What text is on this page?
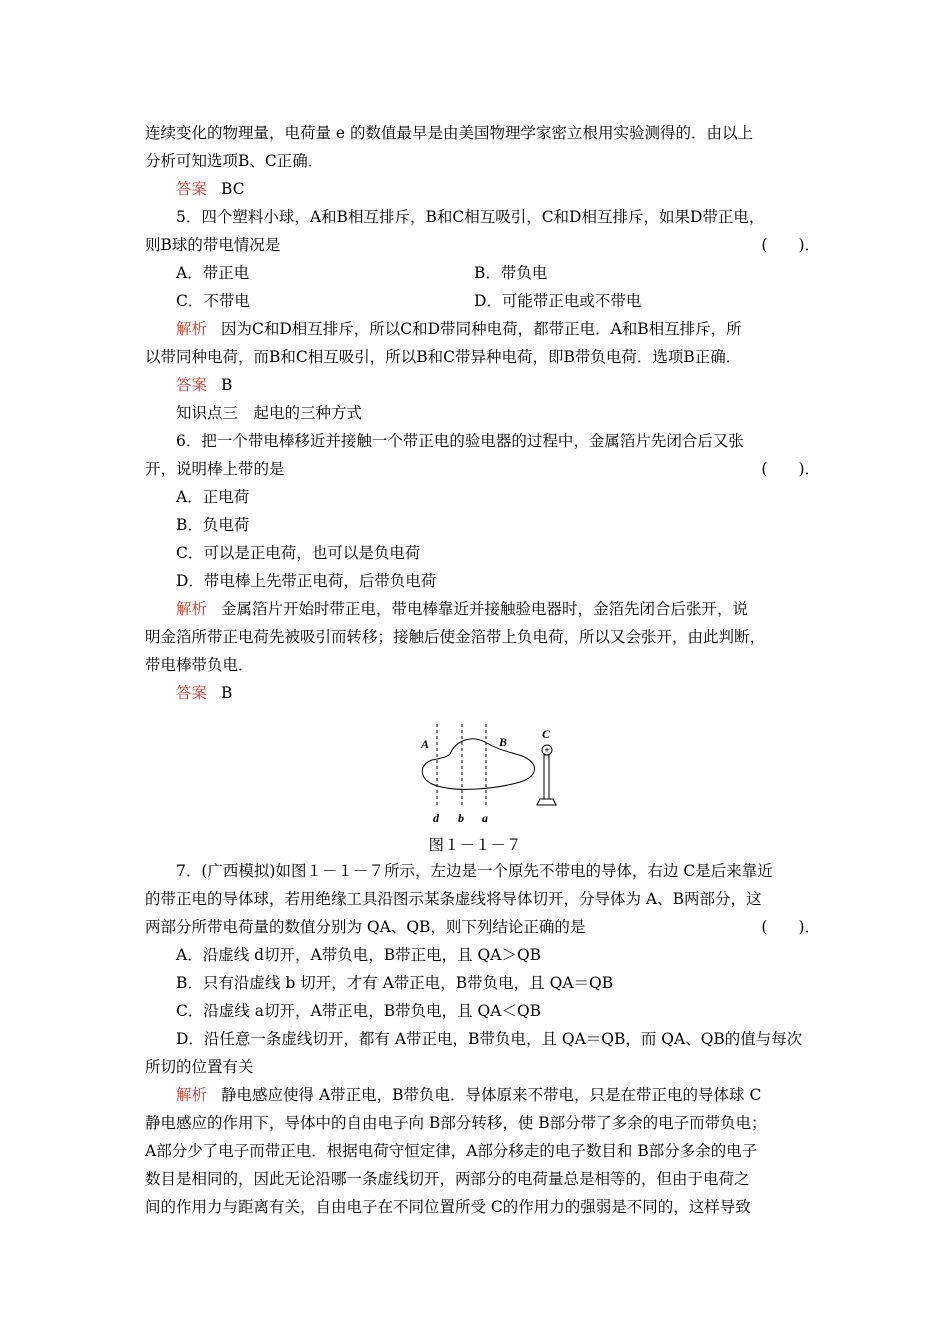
连续变化的物理量，电荷量 e 的数值最早是由美国物理学家密立根用实验测得的．由以上
分析可知选项B、C正确．
答案 BC
5．四个塑料小球，A和B相互排斥，B和C相互吸引，C和D相互排斥，如果D带正电，
则B球的带电情况是	(　　)．
A．带正电	B．带负电
C．不带电	D．可能带正电或不带电
解析 因为C和D相互排斥，所以C和D带同种电荷，都带正电．A和B相互排斥，所
以带同种电荷，而B和C相互吸引，所以B和C带异种电荷，即B带负电荷．选项B正确．
答案 B
知识点三　起电的三种方式
6．把一个带电棒移近并接触一个带正电的验电器的过程中，金属箔片先闭合后又张
开，说明棒上带的是	(　　)．
A．正电荷
B．负电荷
C．可以是正电荷，也可以是负电荷
D．带电棒上先带正电荷，后带负电荷
解析 金属箔片开始时带正电，带电棒靠近并接触验电器时，金箔先闭合后张开，说
明金箔所带正电荷先被吸引而转移；接触后使金箔带上负电荷，所以又会张开，由此判断，
带电棒带负电．
答案 B
+
A	B
C
d b a
图１－１－７
7．(广西模拟)如图１－１－７所示，左边是一个原先不带电的导体，右边 C是后来靠近
的带正电的导体球，若用绝缘工具沿图示某条虚线将导体切开，分导体为 A、B两部分，这
两部分所带电荷量的数值分别为 QA、QB，则下列结论正确的是	(　　)．
A．沿虚线 d切开，A带负电，B带正电，且 QA＞QB
B．只有沿虚线 b 切开，才有 A带正电，B带负电，且 QA＝QB
C．沿虚线 a切开，A带正电，B带负电，且 QA＜QB
D．沿任意一条虚线切开，都有 A带正电，B带负电，且 QA＝QB，而 QA、QB的值与每次
所切的位置有关
解析 静电感应使得 A带正电，B带负电．导体原来不带电，只是在带正电的导体球 C
静电感应的作用下，导体中的自由电子向 B部分转移，使 B部分带了多余的电子而带负电；
A部分少了电子而带正电．根据电荷守恒定律，A部分移走的电子数目和 B部分多余的电子
数目是相同的，因此无论沿哪一条虚线切开，两部分的电荷量总是相等的，但由于电荷之
间的作用力与距离有关，自由电子在不同位置所受 C的作用力的强弱是不同的，这样导致
